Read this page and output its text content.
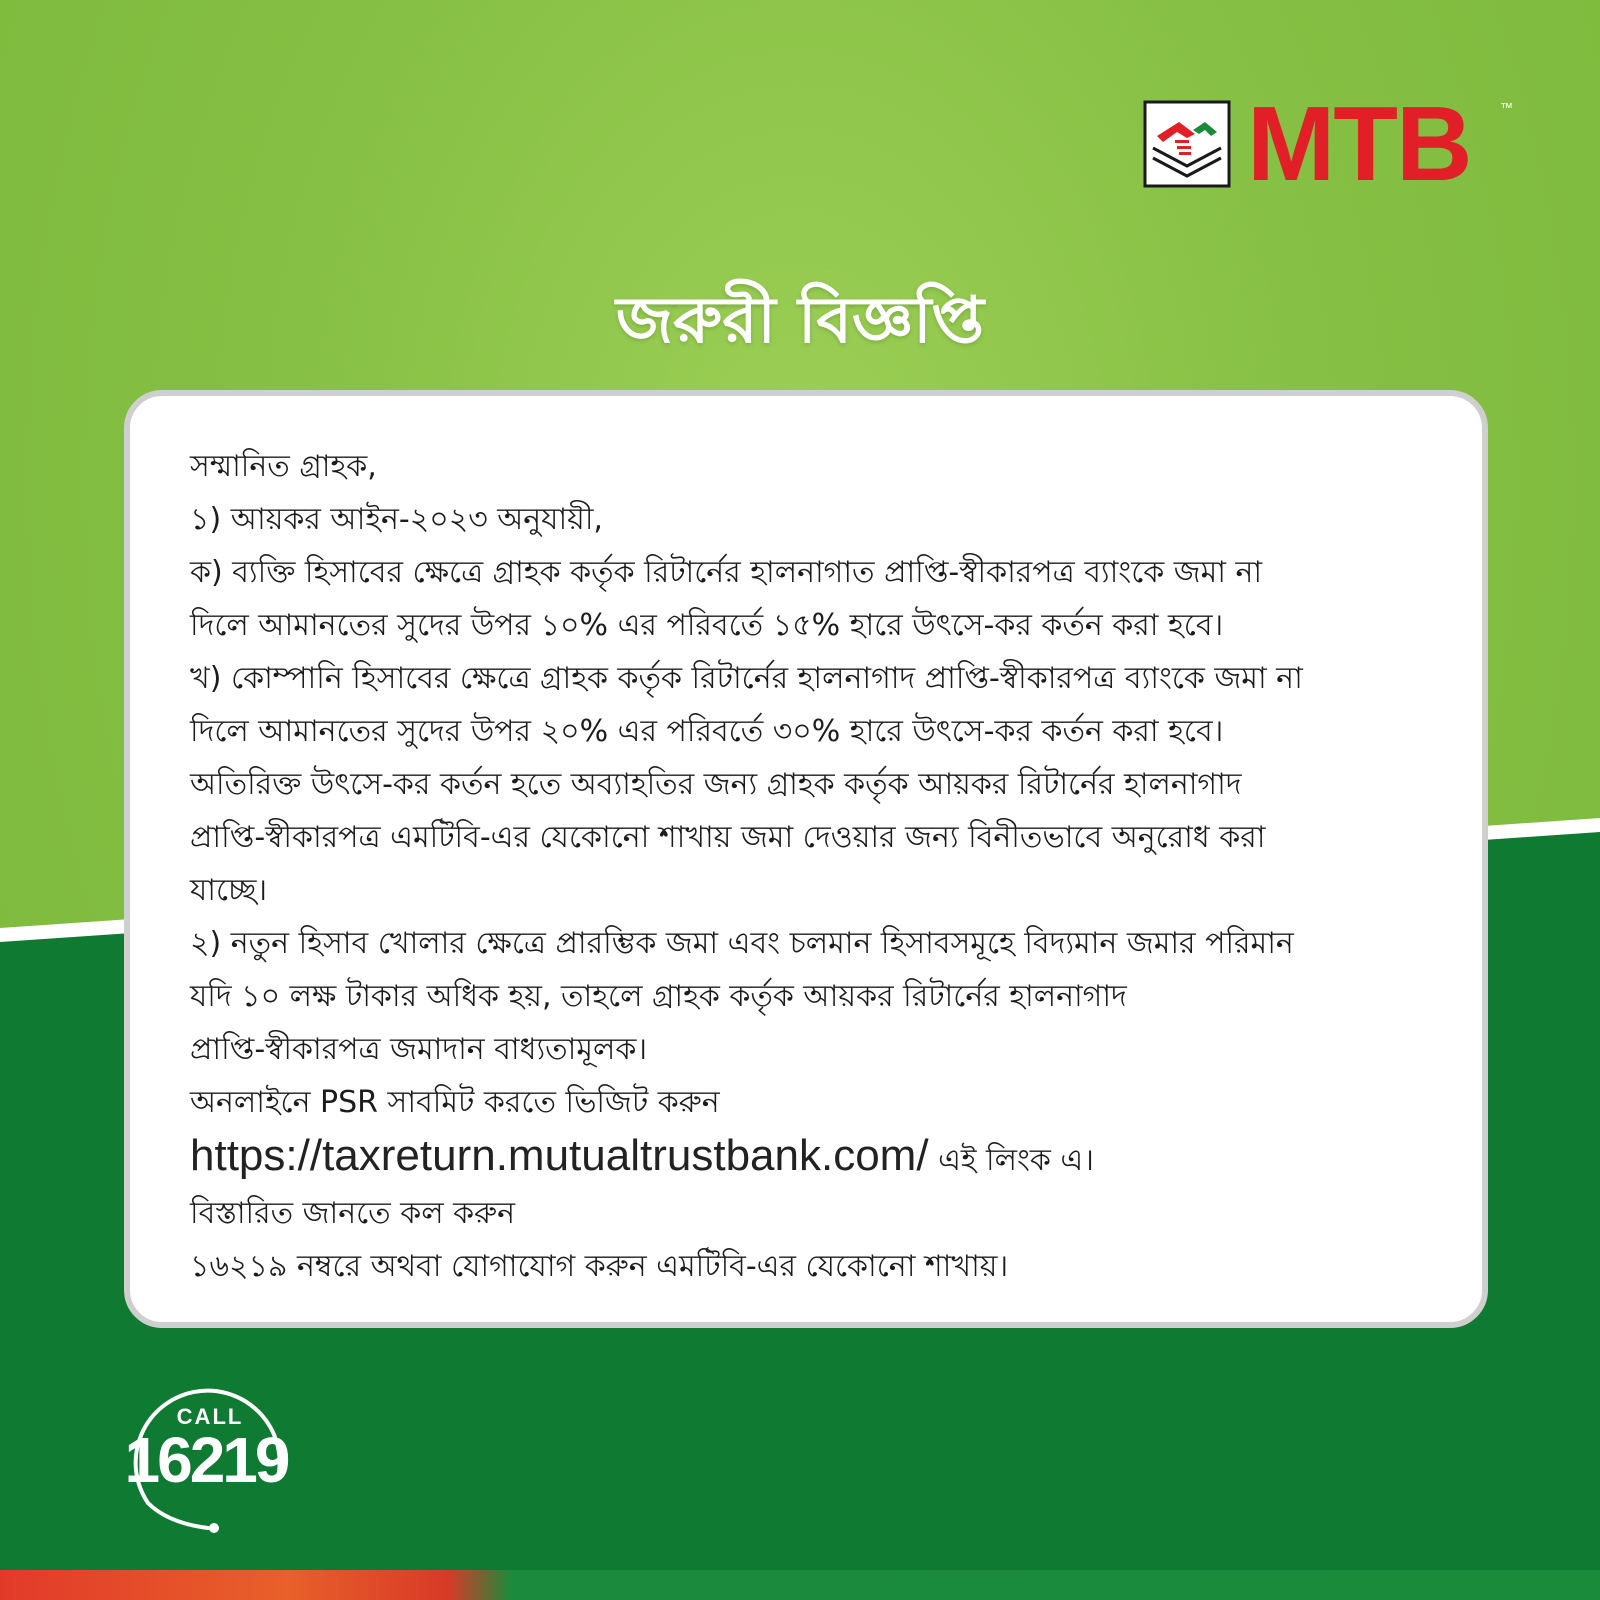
MTB ™
জরুরী বিজ্ঞপ্তি
সম্মানিত গ্রাহক,
১) আয়কর আইন-২০২৩ অনুযায়ী,
ক) ব্যক্তি হিসাবের ক্ষেত্রে গ্রাহক কর্তৃক রিটার্নের হালনাগাত প্রাপ্তি-স্বীকারপত্র ব্যাংকে জমা না
দিলে আমানতের সুদের উপর ১০% এর পরিবর্তে ১৫% হারে উৎসে-কর কর্তন করা হবে।
খ) কোম্পানি হিসাবের ক্ষেত্রে গ্রাহক কর্তৃক রিটার্নের হালনাগাদ প্রাপ্তি-স্বীকারপত্র ব্যাংকে জমা না
দিলে আমানতের সুদের উপর ২০% এর পরিবর্তে ৩০% হারে উৎসে-কর কর্তন করা হবে।
অতিরিক্ত উৎসে-কর কর্তন হতে অব্যাহতির জন্য গ্রাহক কর্তৃক আয়কর রিটার্নের হালনাগাদ
প্রাপ্তি-স্বীকারপত্র এমটিবি-এর যেকোনো শাখায় জমা দেওয়ার জন্য বিনীতভাবে অনুরোধ করা
যাচ্ছে।
২) নতুন হিসাব খোলার ক্ষেত্রে প্রারম্ভিক জমা এবং চলমান হিসাবসমূহে বিদ্যমান জমার পরিমান
যদি ১০ লক্ষ টাকার অধিক হয়, তাহলে গ্রাহক কর্তৃক আয়কর রিটার্নের হালনাগাদ
প্রাপ্তি-স্বীকারপত্র জমাদান বাধ্যতামূলক।
অনলাইনে PSR সাবমিট করতে ভিজিট করুন
https://taxreturn.mutualtrustbank.com/ এই লিংক এ।
বিস্তারিত জানতে কল করুন
১৬২১৯ নম্বরে অথবা যোগাযোগ করুন এমটিবি-এর যেকোনো শাখায়।
CALL
16219
